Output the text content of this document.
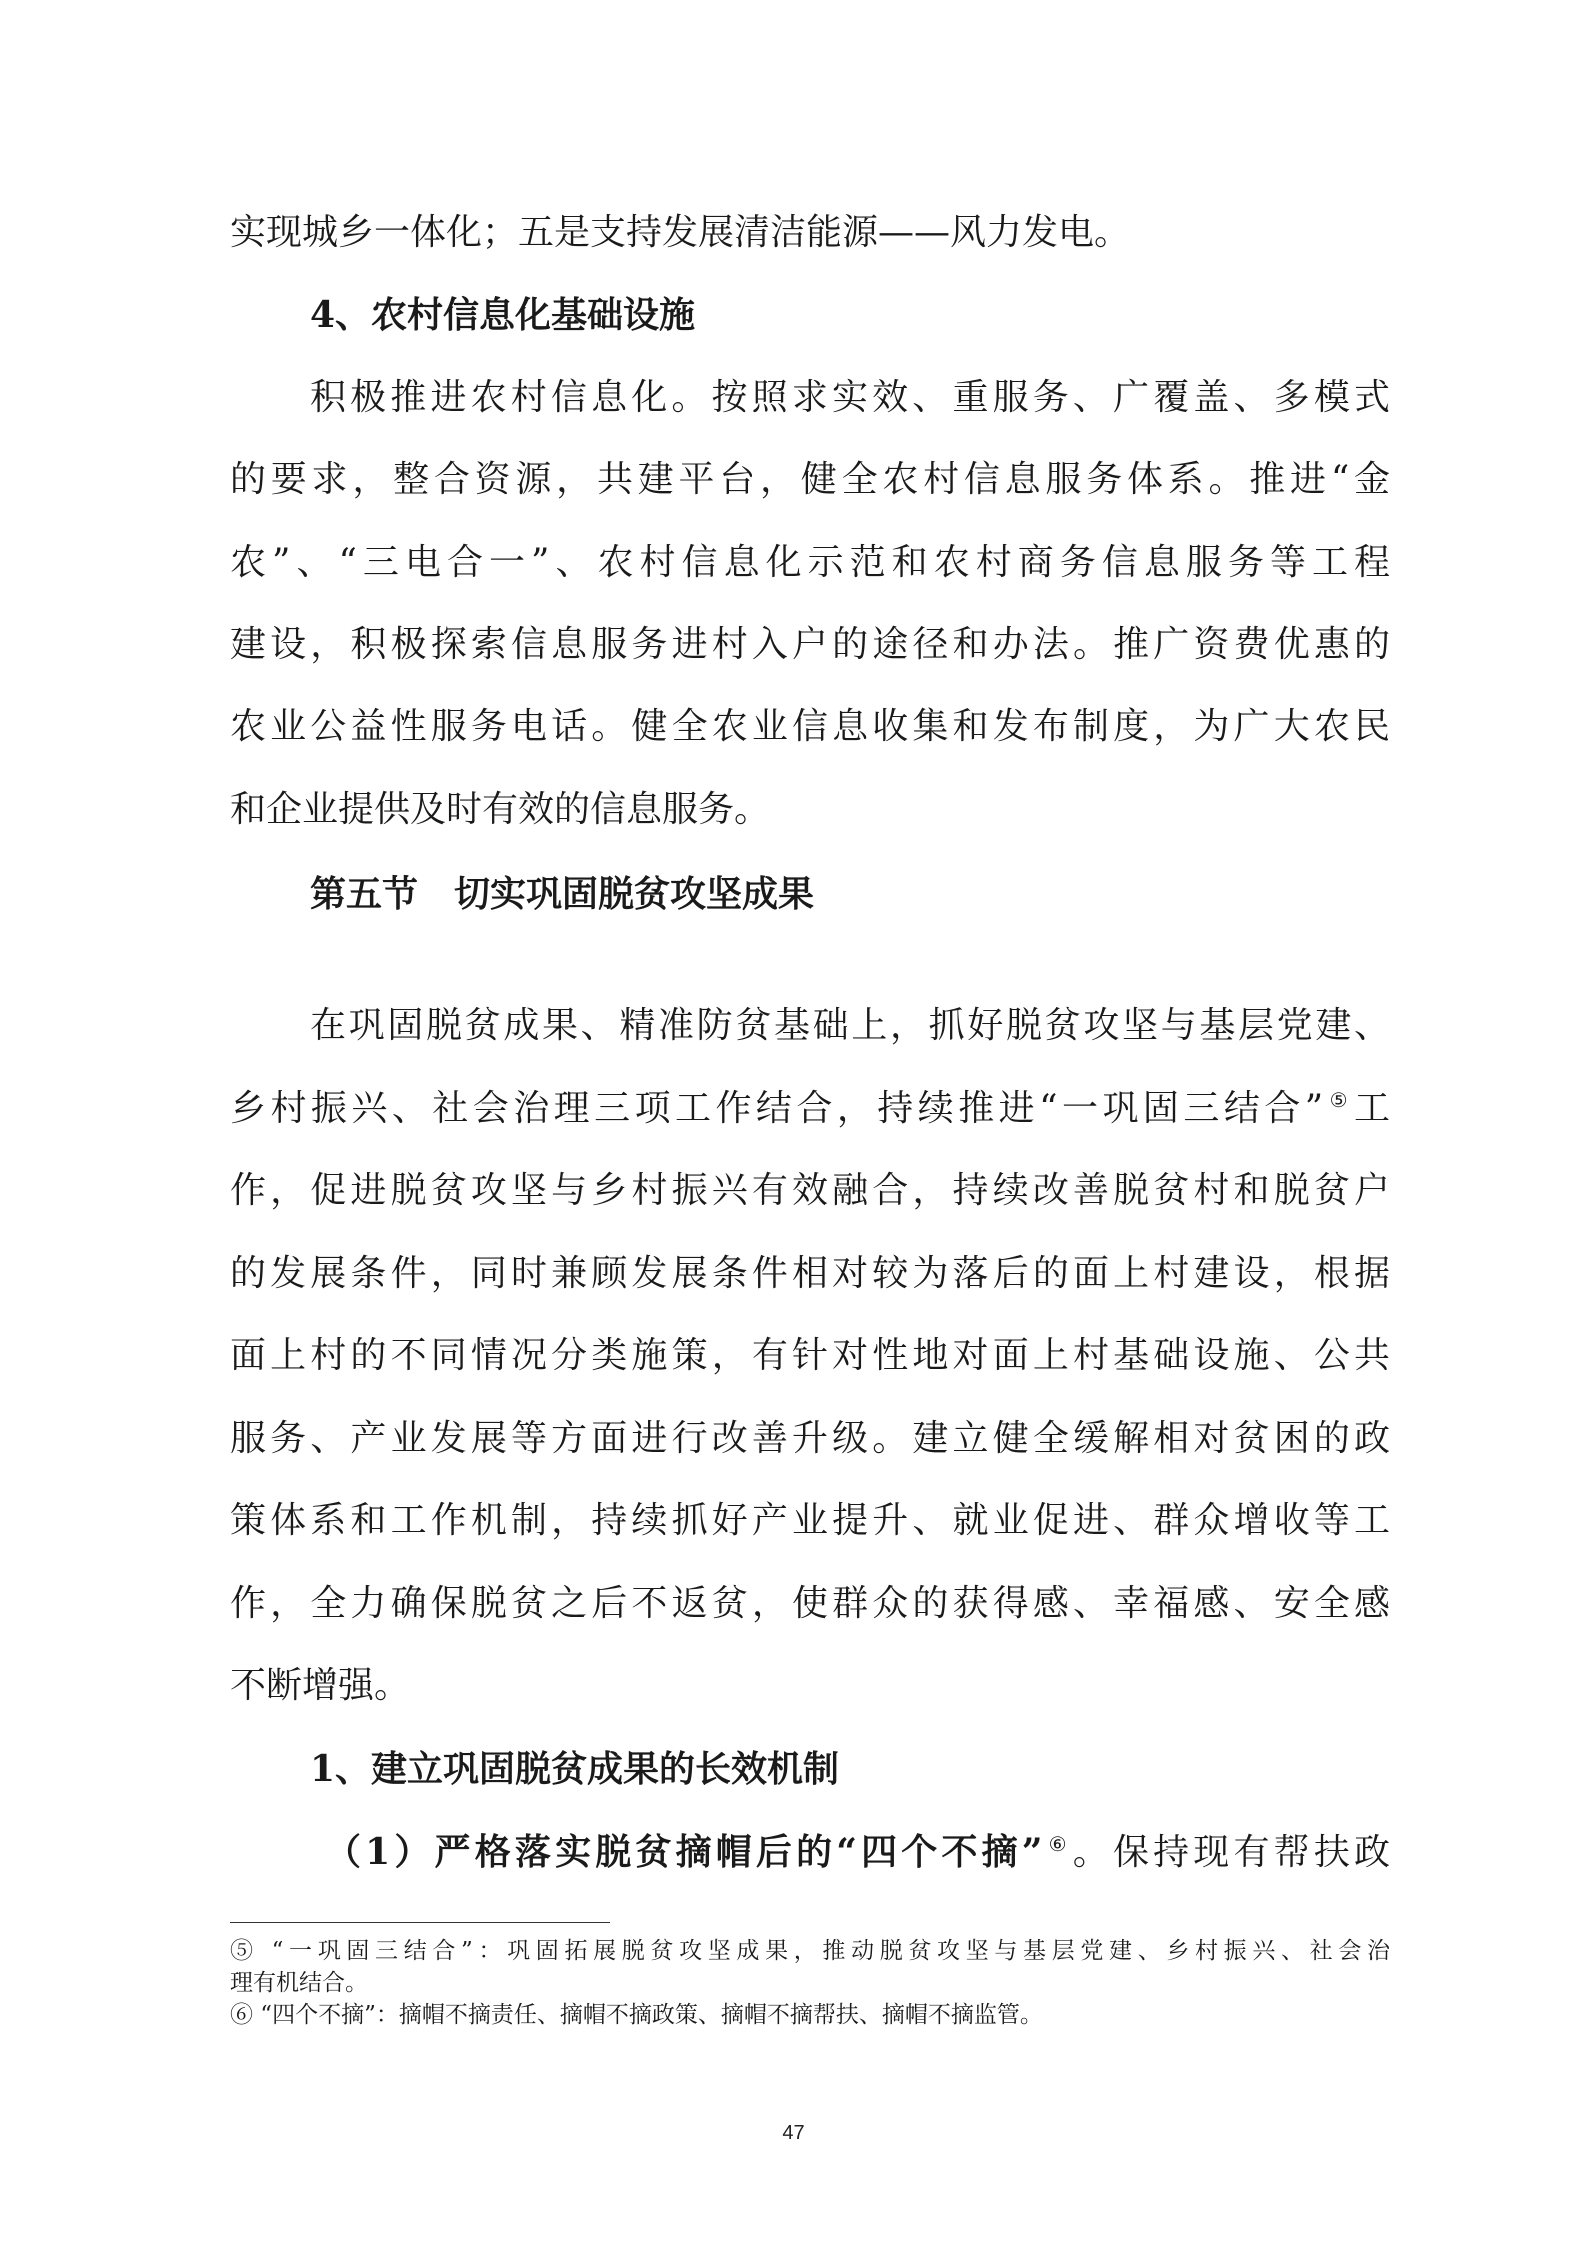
实现城乡一体化；五是支持发展清洁能源——风力发电。
4、农村信息化基础设施
积极推进农村信息化。按照求实效、重服务、广覆盖、多模式
的要求，整合资源，共建平台，健全农村信息服务体系。推进“金
农”、“三电合一”、农村信息化示范和农村商务信息服务等工程
建设，积极探索信息服务进村入户的途径和办法。推广资费优惠的
农业公益性服务电话。健全农业信息收集和发布制度，为广大农民
和企业提供及时有效的信息服务。
第五节　切实巩固脱贫攻坚成果
在巩固脱贫成果、精准防贫基础上，抓好脱贫攻坚与基层党建、
乡村振兴、社会治理三项工作结合，持续推进“一巩固三结合” ⑤工
作，促进脱贫攻坚与乡村振兴有效融合，持续改善脱贫村和脱贫户
的发展条件，同时兼顾发展条件相对较为落后的面上村建设，根据
面上村的不同情况分类施策，有针对性地对面上村基础设施、公共
服务、产业发展等方面进行改善升级。建立健全缓解相对贫困的政
策体系和工作机制，持续抓好产业提升、就业促进、群众增收等工
作，全力确保脱贫之后不返贫，使群众的获得感、幸福感、安全感
不断增强。
1、建立巩固脱贫成果的长效机制
（1）严格落实脱贫摘帽后的“四个不摘” ⑥。保持现有帮扶政
⑤ “一巩固三结合”：巩固拓展脱贫攻坚成果，推动脱贫攻坚与基层党建、乡村振兴、社会治
理有机结合。
⑥ “四个不摘”：摘帽不摘责任、摘帽不摘政策、摘帽不摘帮扶、摘帽不摘监管。
47
